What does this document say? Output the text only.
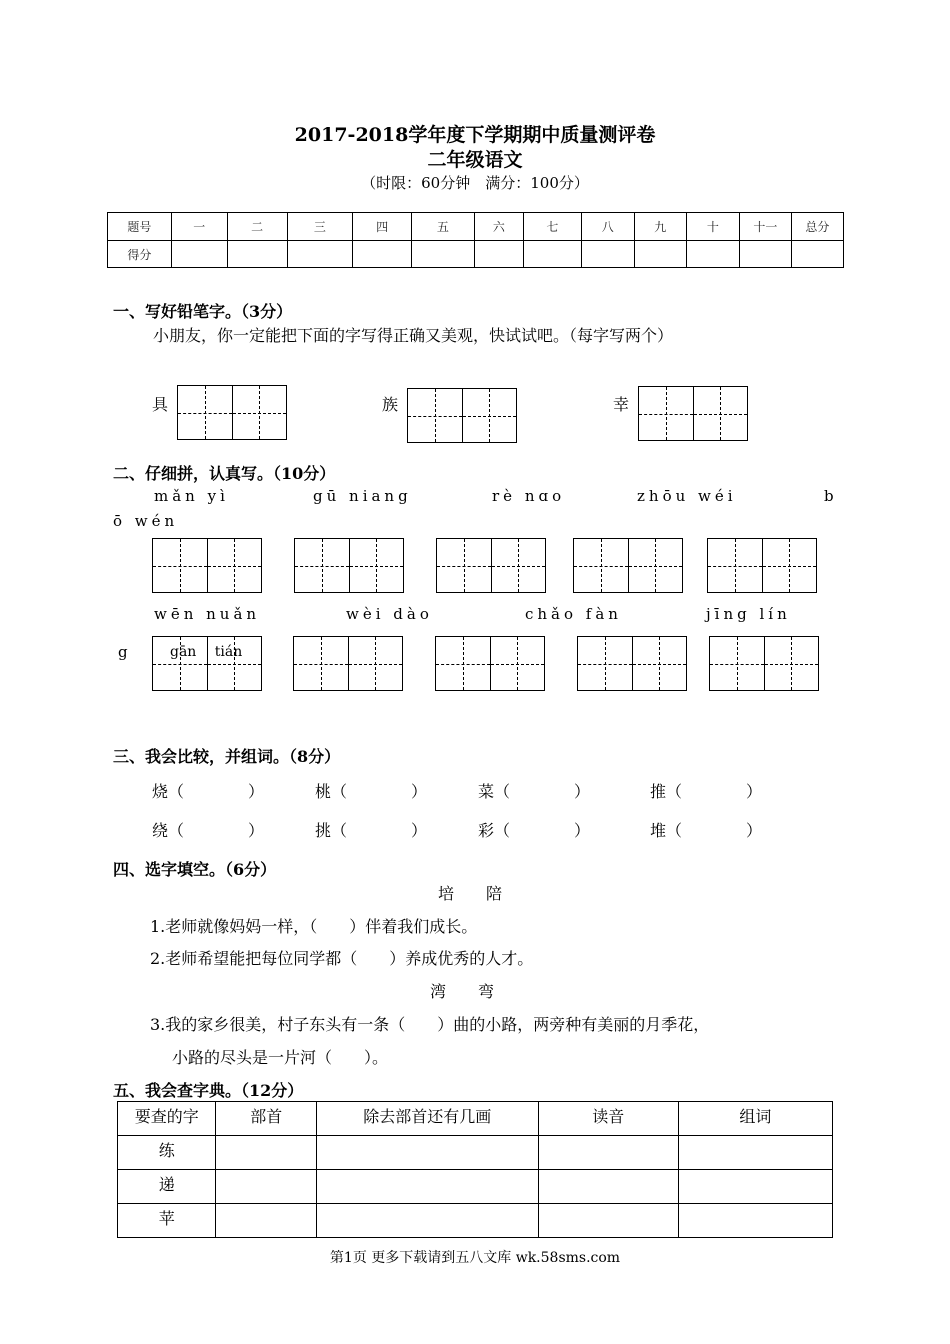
2017-2018学年度下学期期中质量测评卷
二年级语文
（时限：60分钟　满分：100分）
题号	一	二	三	四	五	六	七	八	九	十	十一	总分
得分												
一、写好铅笔字。（3分）
小朋友，你一定能把下面的字写得正确又美观，快试试吧。（每字写两个）
具	族	幸
二、仔细拼，认真写。（10分）
mǎn yì	gū niang	rè nɑo	zhōu wéi	b
ō wén
wēn nuǎn	wèi dào	chǎo fàn	jīng lín
g	gān tián
三、我会比较，并组词。（8分）
烧（　　　　）	桃（　　　　）	菜（　　　　）	推（　　　　）
绕（　　　　）	挑（　　　　）	彩（　　　　）	堆（　　　　）
四、选字填空。（6分）
培　　陪
1.老师就像妈妈一样，（　　）伴着我们成长。
2.老师希望能把每位同学都（　　）养成优秀的人才。
湾　　弯
3.我的家乡很美，村子东头有一条（　　）曲的小路，两旁种有美丽的月季花，
小路的尽头是一片河（　　）。
五、我会查字典。（12分）
要查的字	部首	除去部首还有几画	读音	组词
练				
递				
苹				
第1页 更多下载请到五八文库 wk.58sms.com
